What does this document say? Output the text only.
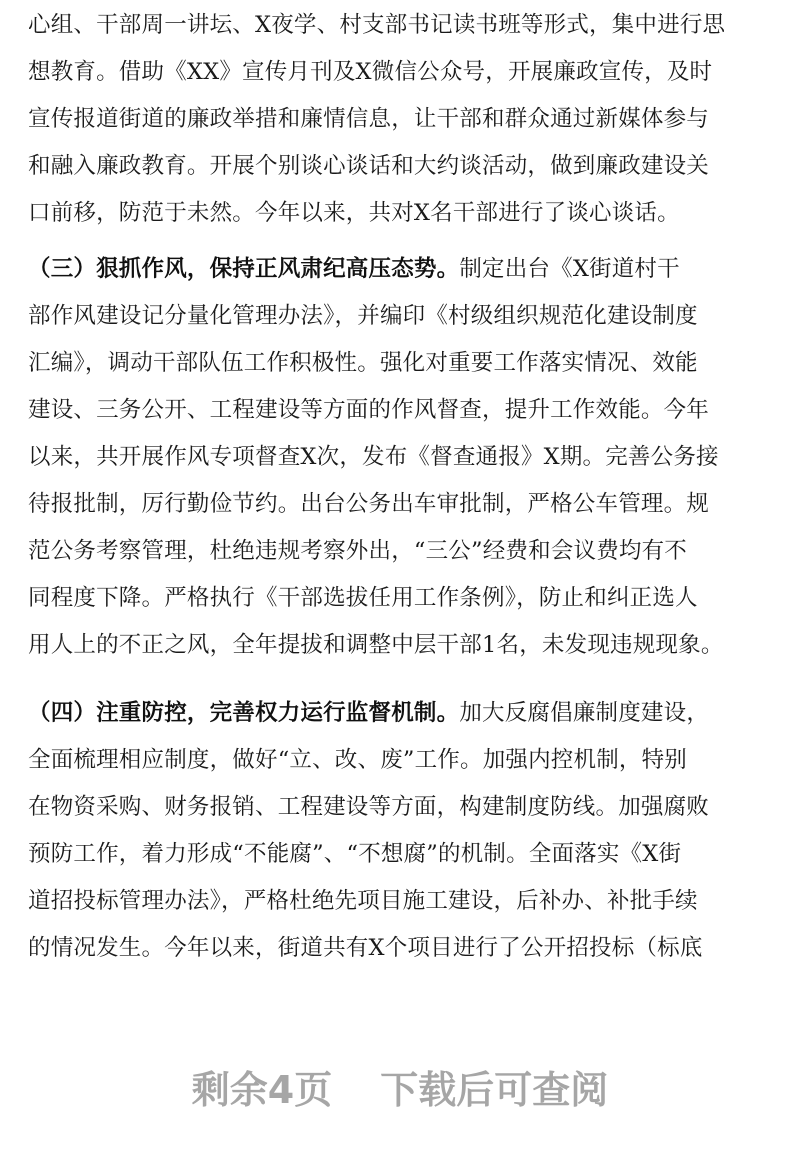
心组、干部周一讲坛、X夜学、村支部书记读书班等形式，集中进行思
想教育。借助《XX》宣传月刊及X微信公众号，开展廉政宣传，及时
宣传报道街道的廉政举措和廉情信息，让干部和群众通过新媒体参与
和融入廉政教育。开展个别谈心谈话和大约谈活动，做到廉政建设关
口前移，防范于未然。今年以来，共对X名干部进行了谈心谈话。
（三）狠抓作风，保持正风肃纪高压态势。制定出台《X街道村干
部作风建设记分量化管理办法》，并编印《村级组织规范化建设制度
汇编》，调动干部队伍工作积极性。强化对重要工作落实情况、效能
建设、三务公开、工程建设等方面的作风督查，提升工作效能。今年
以来，共开展作风专项督查X次，发布《督查通报》X期。完善公务接
待报批制，厉行勤俭节约。出台公务出车审批制，严格公车管理。规
范公务考察管理，杜绝违规考察外出，“三公”经费和会议费均有不
同程度下降。严格执行《干部选拔任用工作条例》，防止和纠正选人
用人上的不正之风，全年提拔和调整中层干部1名，未发现违规现象。
（四）注重防控，完善权力运行监督机制。加大反腐倡廉制度建设，
全面梳理相应制度，做好“立、改、废”工作。加强内控机制，特别
在物资采购、财务报销、工程建设等方面，构建制度防线。加强腐败
预防工作，着力形成“不能腐”、“不想腐”的机制。全面落实《X街
道招投标管理办法》，严格杜绝先项目施工建设，后补办、补批手续
的情况发生。今年以来，街道共有X个项目进行了公开招投标（标底
剩余4页 下载后可查阅
